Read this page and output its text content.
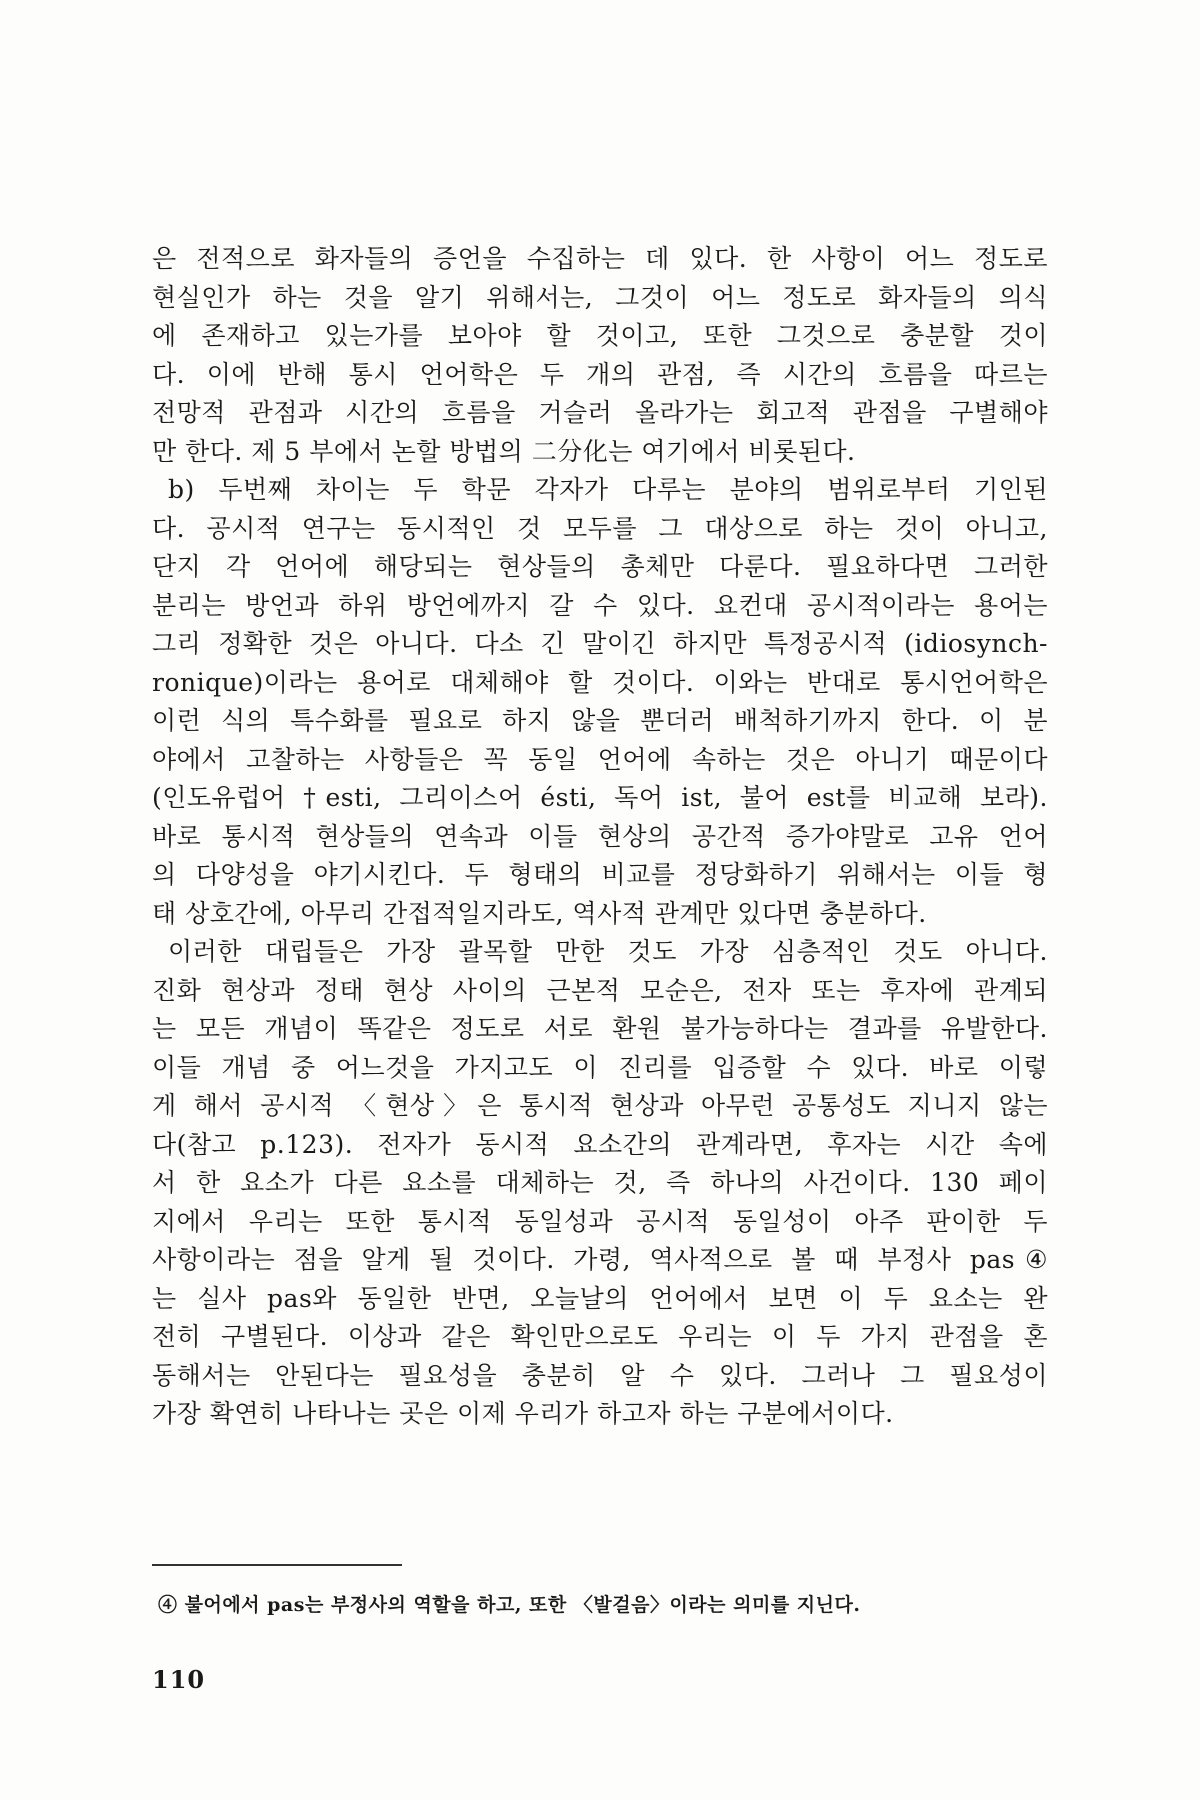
은 전적으로 화자들의 증언을 수집하는 데 있다. 한 사항이 어느 정도로
현실인가 하는 것을 알기 위해서는, 그것이 어느 정도로 화자들의 의식
에 존재하고 있는가를 보아야 할 것이고, 또한 그것으로 충분할 것이
다. 이에 반해 통시 언어학은 두 개의 관점, 즉 시간의 흐름을 따르는
전망적 관점과 시간의 흐름을 거슬러 올라가는 회고적 관점을 구별해야
만 한다. 제 5 부에서 논할 방법의 二分化는 여기에서 비롯된다.
b) 두번째 차이는 두 학문 각자가 다루는 분야의 범위로부터 기인된
다. 공시적 연구는 동시적인 것 모두를 그 대상으로 하는 것이 아니고,
단지 각 언어에 해당되는 현상들의 총체만 다룬다. 필요하다면 그러한
분리는 방언과 하위 방언에까지 갈 수 있다. 요컨대 공시적이라는 용어는
그리 정확한 것은 아니다. 다소 긴 말이긴 하지만 특정공시적 (idiosynch-
ronique)이라는 용어로 대체해야 할 것이다. 이와는 반대로 통시언어학은
이런 식의 특수화를 필요로 하지 않을 뿐더러 배척하기까지 한다. 이 분
야에서 고찰하는 사항들은 꼭 동일 언어에 속하는 것은 아니기 때문이다
(인도유럽어 †esti, 그리이스어 ésti, 독어 ist, 불어 est를 비교해 보라).
바로 통시적 현상들의 연속과 이들 현상의 공간적 증가야말로 고유 언어
의 다양성을 야기시킨다. 두 형태의 비교를 정당화하기 위해서는 이들 형
태 상호간에, 아무리 간접적일지라도, 역사적 관계만 있다면 충분하다.
이러한 대립들은 가장 괄목할 만한 것도 가장 심층적인 것도 아니다.
진화 현상과 정태 현상 사이의 근본적 모순은, 전자 또는 후자에 관계되
는 모든 개념이 똑같은 정도로 서로 환원 불가능하다는 결과를 유발한다.
이들 개념 중 어느것을 가지고도 이 진리를 입증할 수 있다. 바로 이렇
게 해서 공시적 〈현상〉은 통시적 현상과 아무런 공통성도 지니지 않는
다(참고 p.123). 전자가 동시적 요소간의 관계라면, 후자는 시간 속에
서 한 요소가 다른 요소를 대체하는 것, 즉 하나의 사건이다. 130 페이
지에서 우리는 또한 통시적 동일성과 공시적 동일성이 아주 판이한 두
사항이라는 점을 알게 될 것이다. 가령, 역사적으로 볼 때 부정사 pas④
는 실사 pas와 동일한 반면, 오늘날의 언어에서 보면 이 두 요소는 완
전히 구별된다. 이상과 같은 확인만으로도 우리는 이 두 가지 관점을 혼
동해서는 안된다는 필요성을 충분히 알 수 있다. 그러나 그 필요성이
가장 확연히 나타나는 곳은 이제 우리가 하고자 하는 구분에서이다.
④ 불어에서 pas는 부정사의 역할을 하고, 또한 〈발걸음〉이라는 의미를 지닌다.
110
